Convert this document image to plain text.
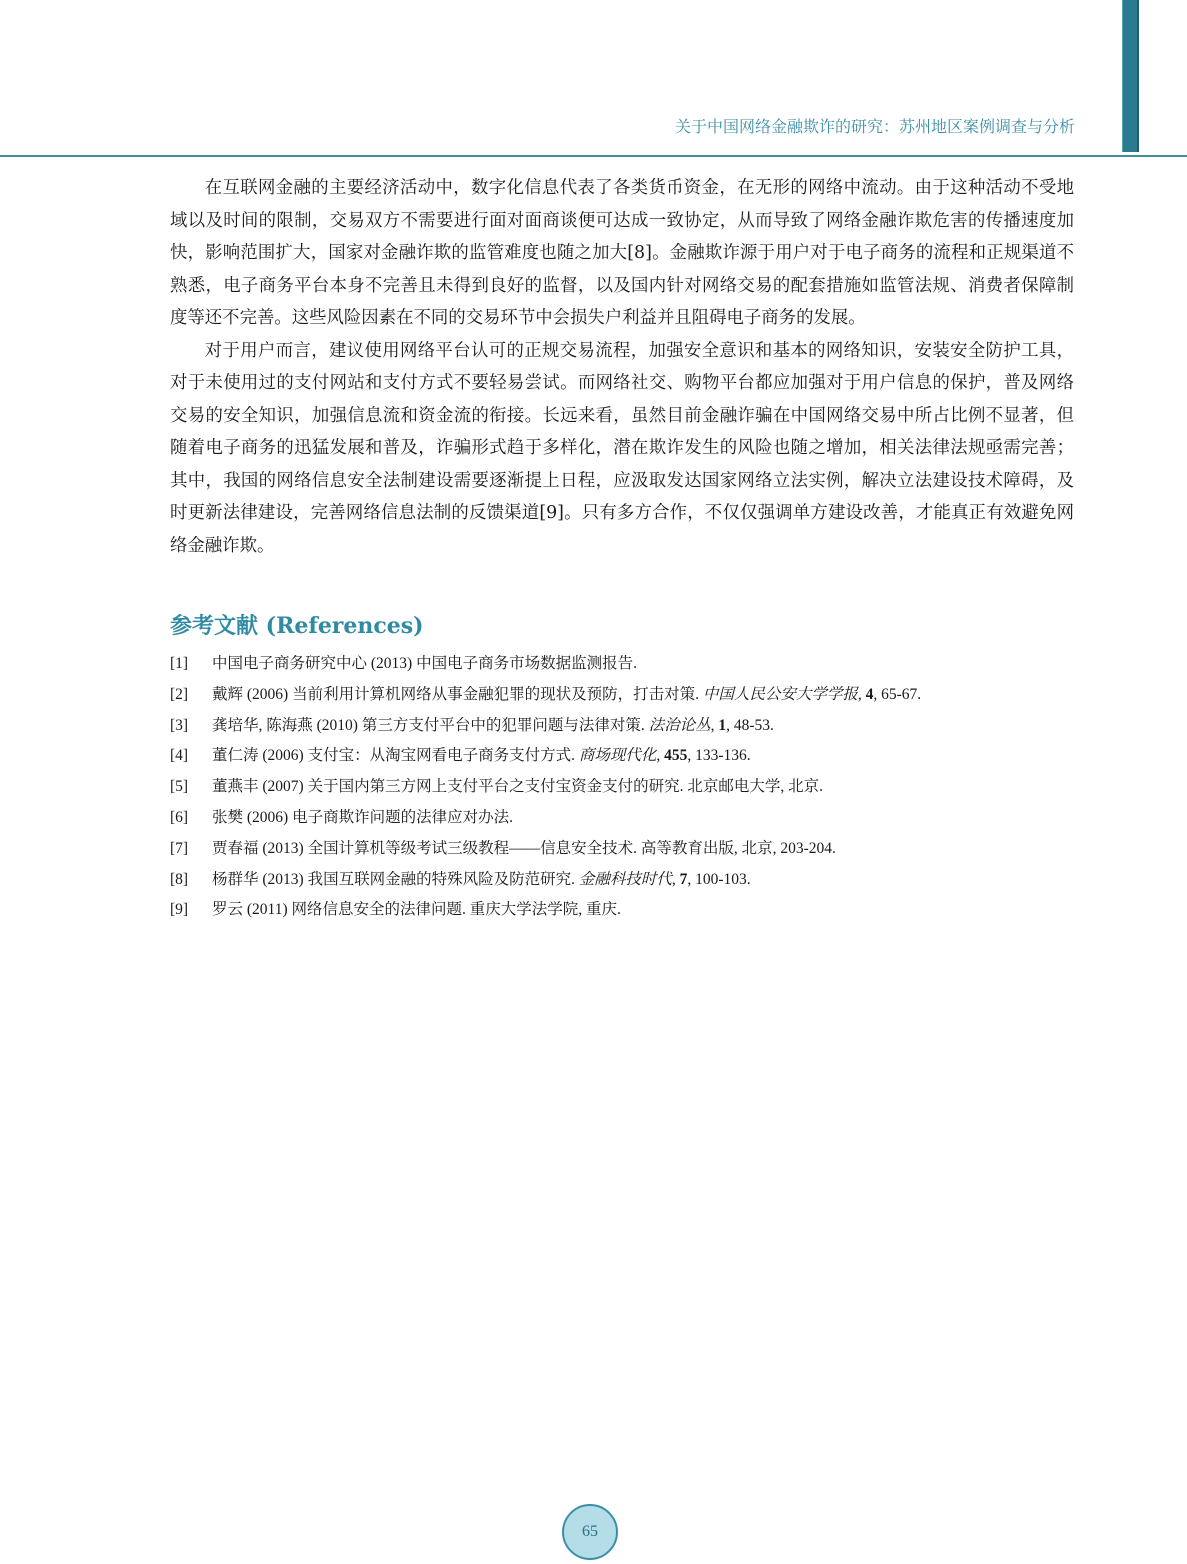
关于中国网络金融欺诈的研究：苏州地区案例调查与分析

在互联网金融的主要经济活动中，数字化信息代表了各类货币资金，在无形的网络中流动。由于这种活动不受地域以及时间的限制，交易双方不需要进行面对面商谈便可达成一致协定，从而导致了网络金融诈欺危害的传播速度加快，影响范围扩大，国家对金融诈欺的监管难度也随之加大[8]。金融欺诈源于用户对于电子商务的流程和正规渠道不熟悉，电子商务平台本身不完善且未得到良好的监督，以及国内针对网络交易的配套措施如监管法规、消费者保障制度等还不完善。这些风险因素在不同的交易环节中会损失户利益并且阻碍电子商务的发展。

对于用户而言，建议使用网络平台认可的正规交易流程，加强安全意识和基本的网络知识，安装安全防护工具，对于未使用过的支付网站和支付方式不要轻易尝试。而网络社交、购物平台都应加强对于用户信息的保护，普及网络交易的安全知识，加强信息流和资金流的衔接。长远来看，虽然目前金融诈骗在中国网络交易中所占比例不显著，但随着电子商务的迅猛发展和普及，诈骗形式趋于多样化，潜在欺诈发生的风险也随之增加，相关法律法规亟需完善；其中，我国的网络信息安全法制建设需要逐渐提上日程，应汲取发达国家网络立法实例，解决立法建设技术障碍，及时更新法律建设，完善网络信息法制的反馈渠道[9]。只有多方合作，不仅仅强调单方建设改善，才能真正有效避免网络金融诈欺。

参考文献 (References)
[1]	中国电子商务研究中心 (2013) 中国电子商务市场数据监测报告.
[2]	戴辉 (2006) 当前利用计算机网络从事金融犯罪的现状及预防，打击对策. 中国人民公安大学学报, 4, 65-67.
[3]	龚培华, 陈海燕 (2010) 第三方支付平台中的犯罪问题与法律对策. 法治论丛, 1, 48-53.
[4]	董仁涛 (2006) 支付宝：从淘宝网看电子商务支付方式. 商场现代化, 455, 133-136.
[5]	董燕丰 (2007) 关于国内第三方网上支付平台之支付宝资金支付的研究. 北京邮电大学, 北京.
[6]	张樊 (2006) 电子商欺诈问题的法律应对办法.
[7]	贾春福 (2013) 全国计算机等级考试三级教程——信息安全技术. 高等教育出版, 北京, 203-204.
[8]	杨群华 (2013) 我国互联网金融的特殊风险及防范研究. 金融科技时代, 7, 100-103.
[9]	罗云 (2011) 网络信息安全的法律问题. 重庆大学法学院, 重庆.
65
